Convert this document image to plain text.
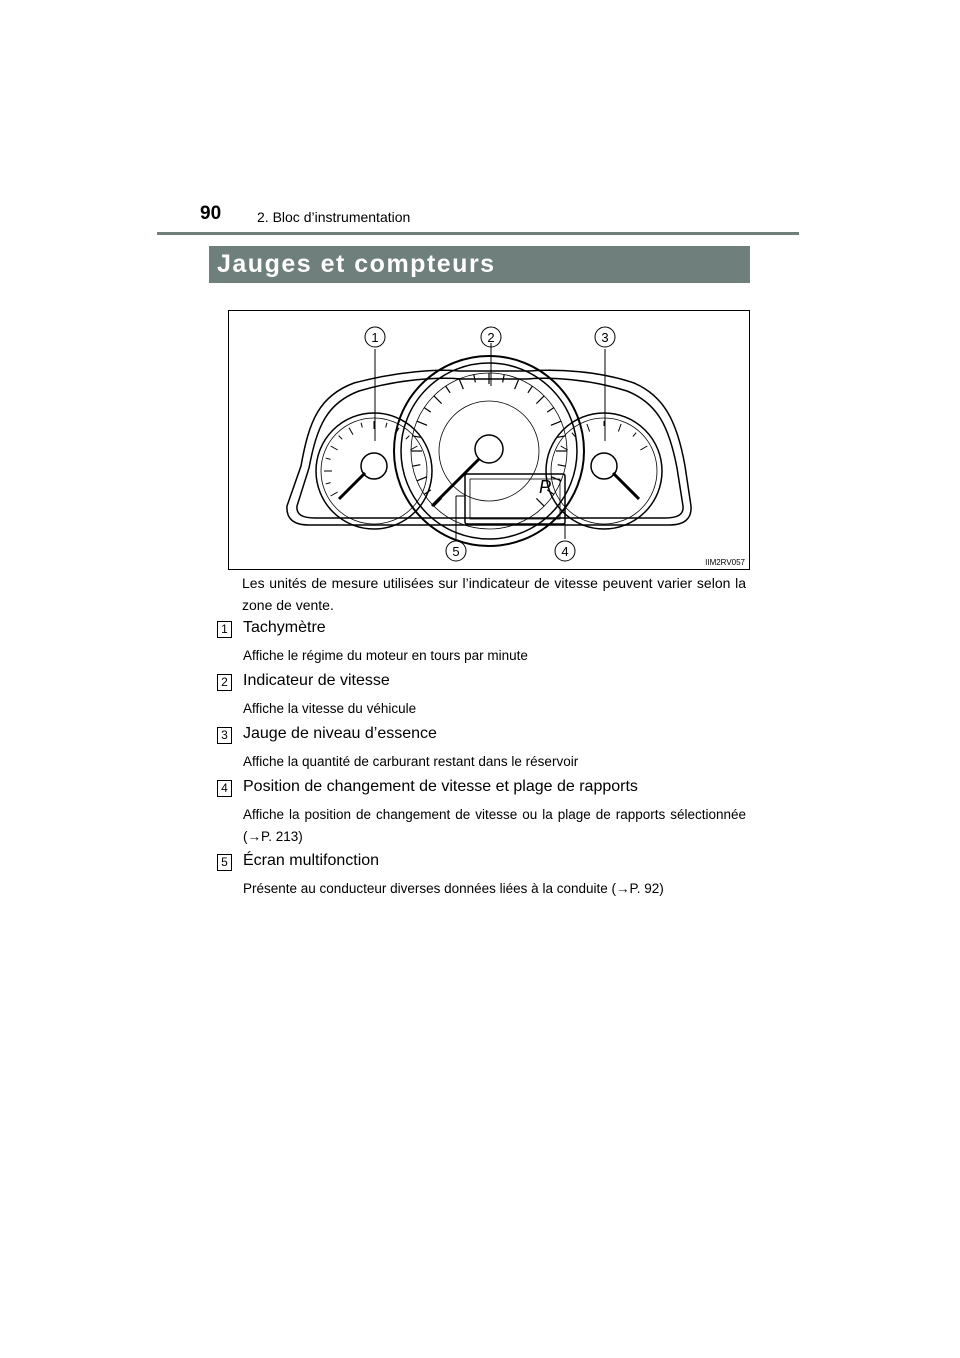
90	2. Bloc d’instrumentation
Jauges et compteurs
1	2	3
4
5
P
IIM2RV057
Les unités de mesure utilisées sur l’indicateur de vitesse peuvent varier selon la zone de vente.
1 Tachymètre
Affiche le régime du moteur en tours par minute
2 Indicateur de vitesse
Affiche la vitesse du véhicule
3 Jauge de niveau d’essence
Affiche la quantité de carburant restant dans le réservoir
4 Position de changement de vitesse et plage de rapports
Affiche la position de changement de vitesse ou la plage de rapports sélectionnée (→P. 213)
5 Écran multifonction
Présente au conducteur diverses données liées à la conduite (→P. 92)
